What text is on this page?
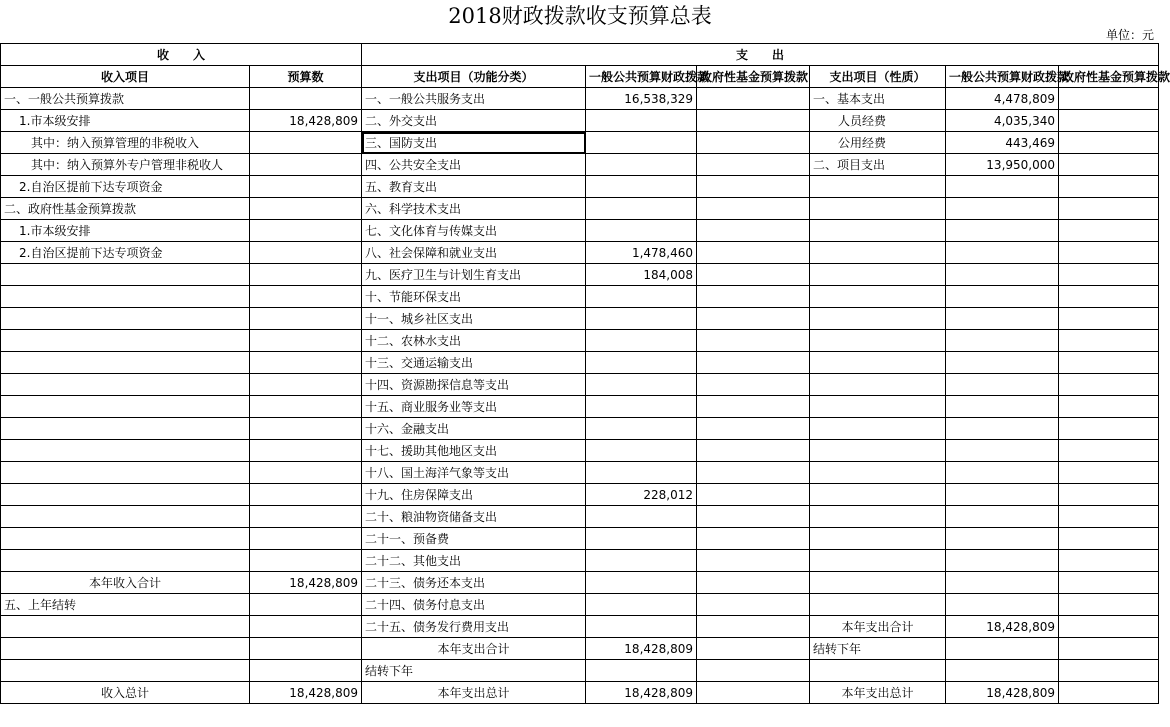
2018财政拨款收支预算总表
单位：元
收　　入		支　　出					
收入项目	预算数	支出项目（功能分类）	一般公共预算财政拨款	政府性基金预算拨款	支出项目（性质）	一般公共预算财政拨款	政府性基金预算拨款
一、一般公共预算拨款		一、一般公共服务支出	16,538,329		一、基本支出	4,478,809	
1.市本级安排	18,428,809	二、外交支出			人员经费	4,035,340	
其中：纳入预算管理的非税收入		三、国防支出			公用经费	443,469	
其中：纳入预算外专户管理非税收人		四、公共安全支出			二、项目支出	13,950,000	
2.自治区提前下达专项资金		五、教育支出					
二、政府性基金预算拨款		六、科学技术支出					
1.市本级安排		七、文化体育与传媒支出					
2.自治区提前下达专项资金		八、社会保障和就业支出	1,478,460				
		九、医疗卫生与计划生育支出	184,008				
		十、节能环保支出					
		十一、城乡社区支出					
		十二、农林水支出					
		十三、交通运输支出					
		十四、资源勘探信息等支出					
		十五、商业服务业等支出					
		十六、金融支出					
		十七、援助其他地区支出					
		十八、国土海洋气象等支出					
		十九、住房保障支出	228,012				
		二十、粮油物资储备支出					
		二十一、预备费					
		二十二、其他支出					
本年收入合计	18,428,809	二十三、债务还本支出					
五、上年结转		二十四、债务付息支出					
		二十五、债务发行费用支出			本年支出合计	18,428,809	
		本年支出合计	18,428,809		结转下年		
		结转下年					
收入总计	18,428,809	本年支出总计	18,428,809		本年支出总计	18,428,809	
